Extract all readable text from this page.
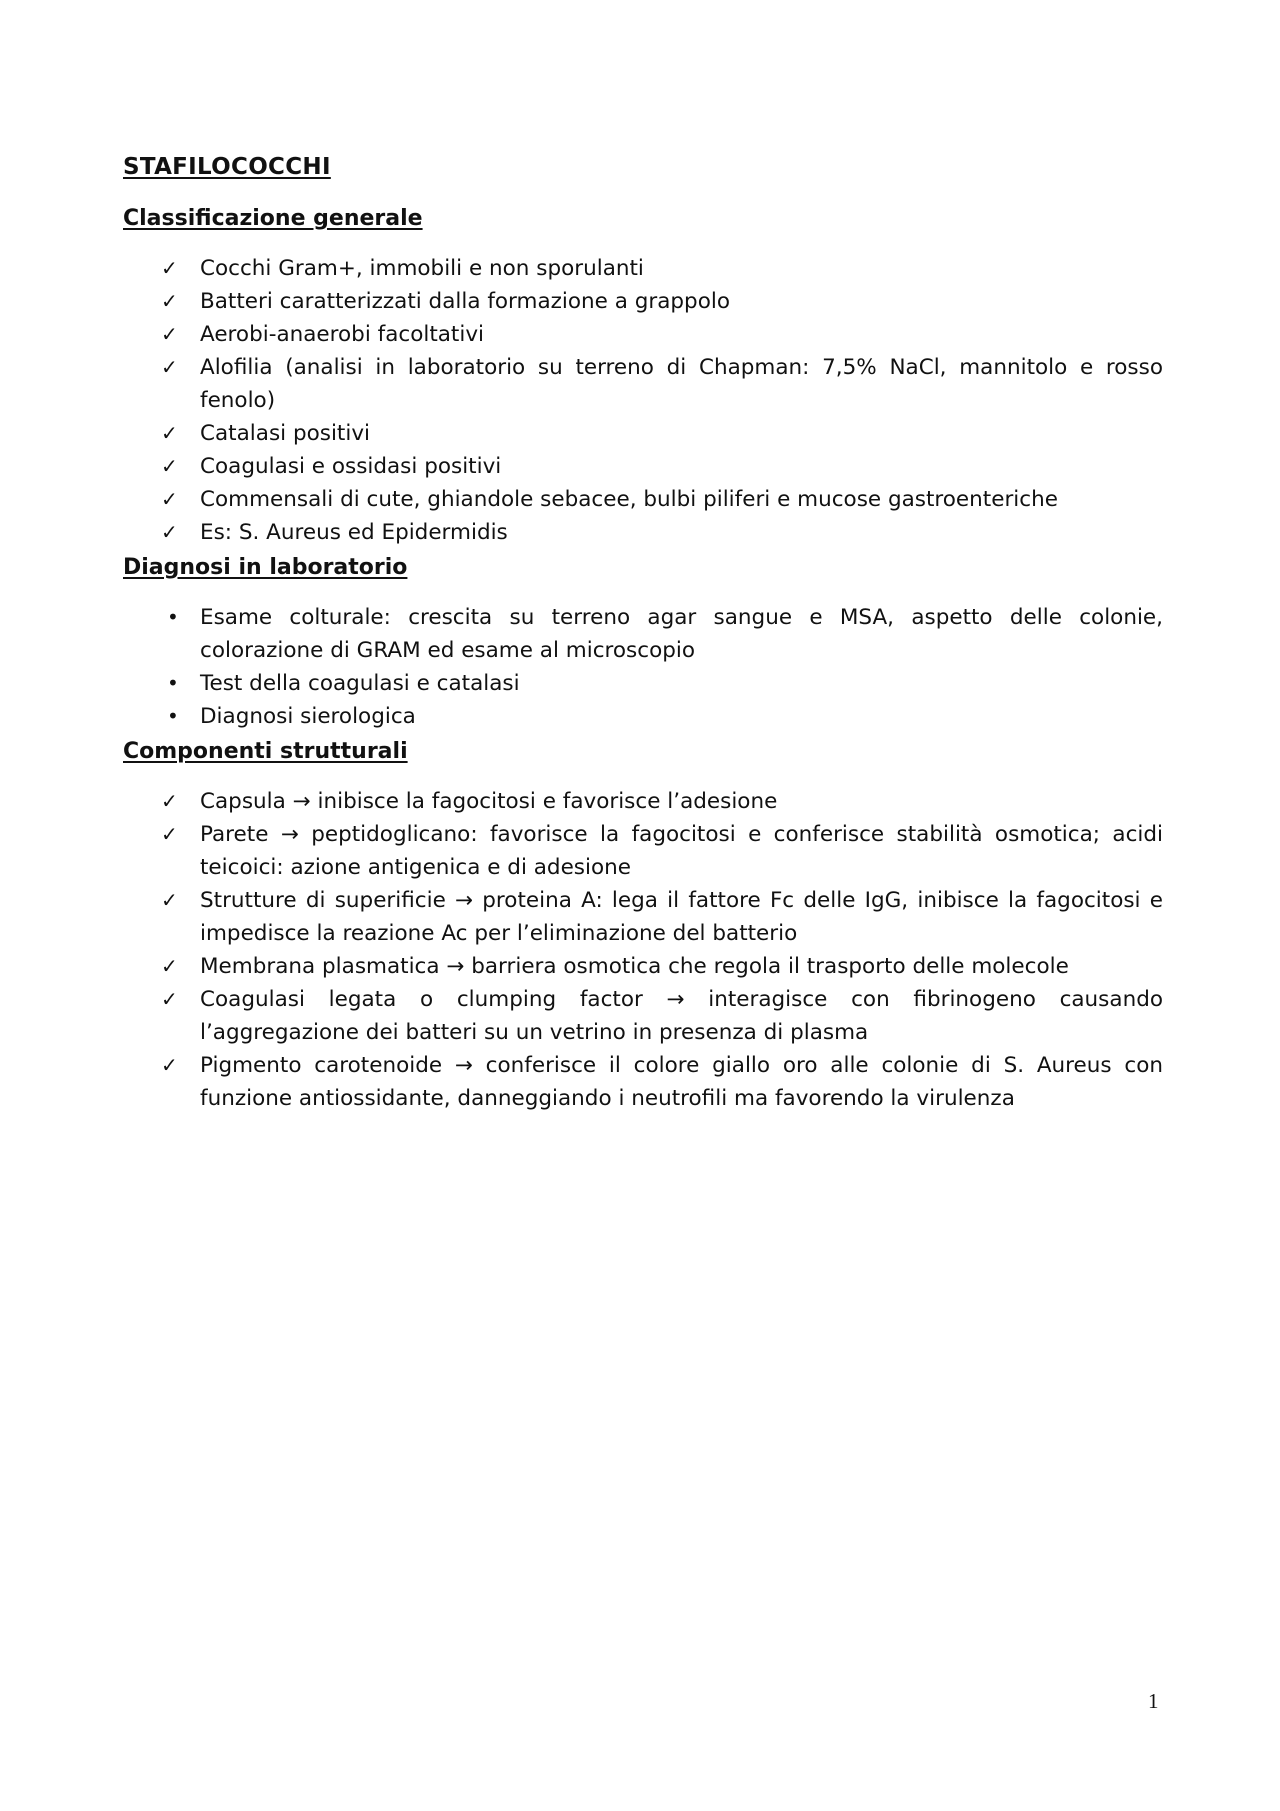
STAFILOCOCCHI
Classificazione generale
✓	Cocchi Gram+, immobili e non sporulanti
✓	Batteri caratterizzati dalla formazione a grappolo
✓	Aerobi-anaerobi facoltativi
✓	Alofilia (analisi in laboratorio su terreno di Chapman: 7,5% NaCl, mannitolo e rosso fenolo)
✓	Catalasi positivi
✓	Coagulasi e ossidasi positivi
✓	Commensali di cute, ghiandole sebacee, bulbi piliferi e mucose gastroenteriche
✓	Es: S. Aureus ed Epidermidis
Diagnosi in laboratorio
• Esame colturale: crescita su terreno agar sangue e MSA, aspetto delle colonie, colorazione di GRAM ed esame al microscopio
• Test della coagulasi e catalasi
• Diagnosi sierologica
Componenti strutturali
✓	Capsula → inibisce la fagocitosi e favorisce l’adesione
✓	Parete → peptidoglicano: favorisce la fagocitosi e conferisce stabilità osmotica; acidi teicoici: azione antigenica e di adesione
✓	Strutture di superificie → proteina A: lega il fattore Fc delle IgG, inibisce la fagocitosi e impedisce la reazione Ac per l’eliminazione del batterio
✓	Membrana plasmatica → barriera osmotica che regola il trasporto delle molecole
✓	Coagulasi legata o clumping factor → interagisce con fibrinogeno causando l’aggregazione dei batteri su un vetrino in presenza di plasma
✓	Pigmento carotenoide → conferisce il colore giallo oro alle colonie di S. Aureus con funzione antiossidante, danneggiando i neutrofili ma favorendo la virulenza
1
